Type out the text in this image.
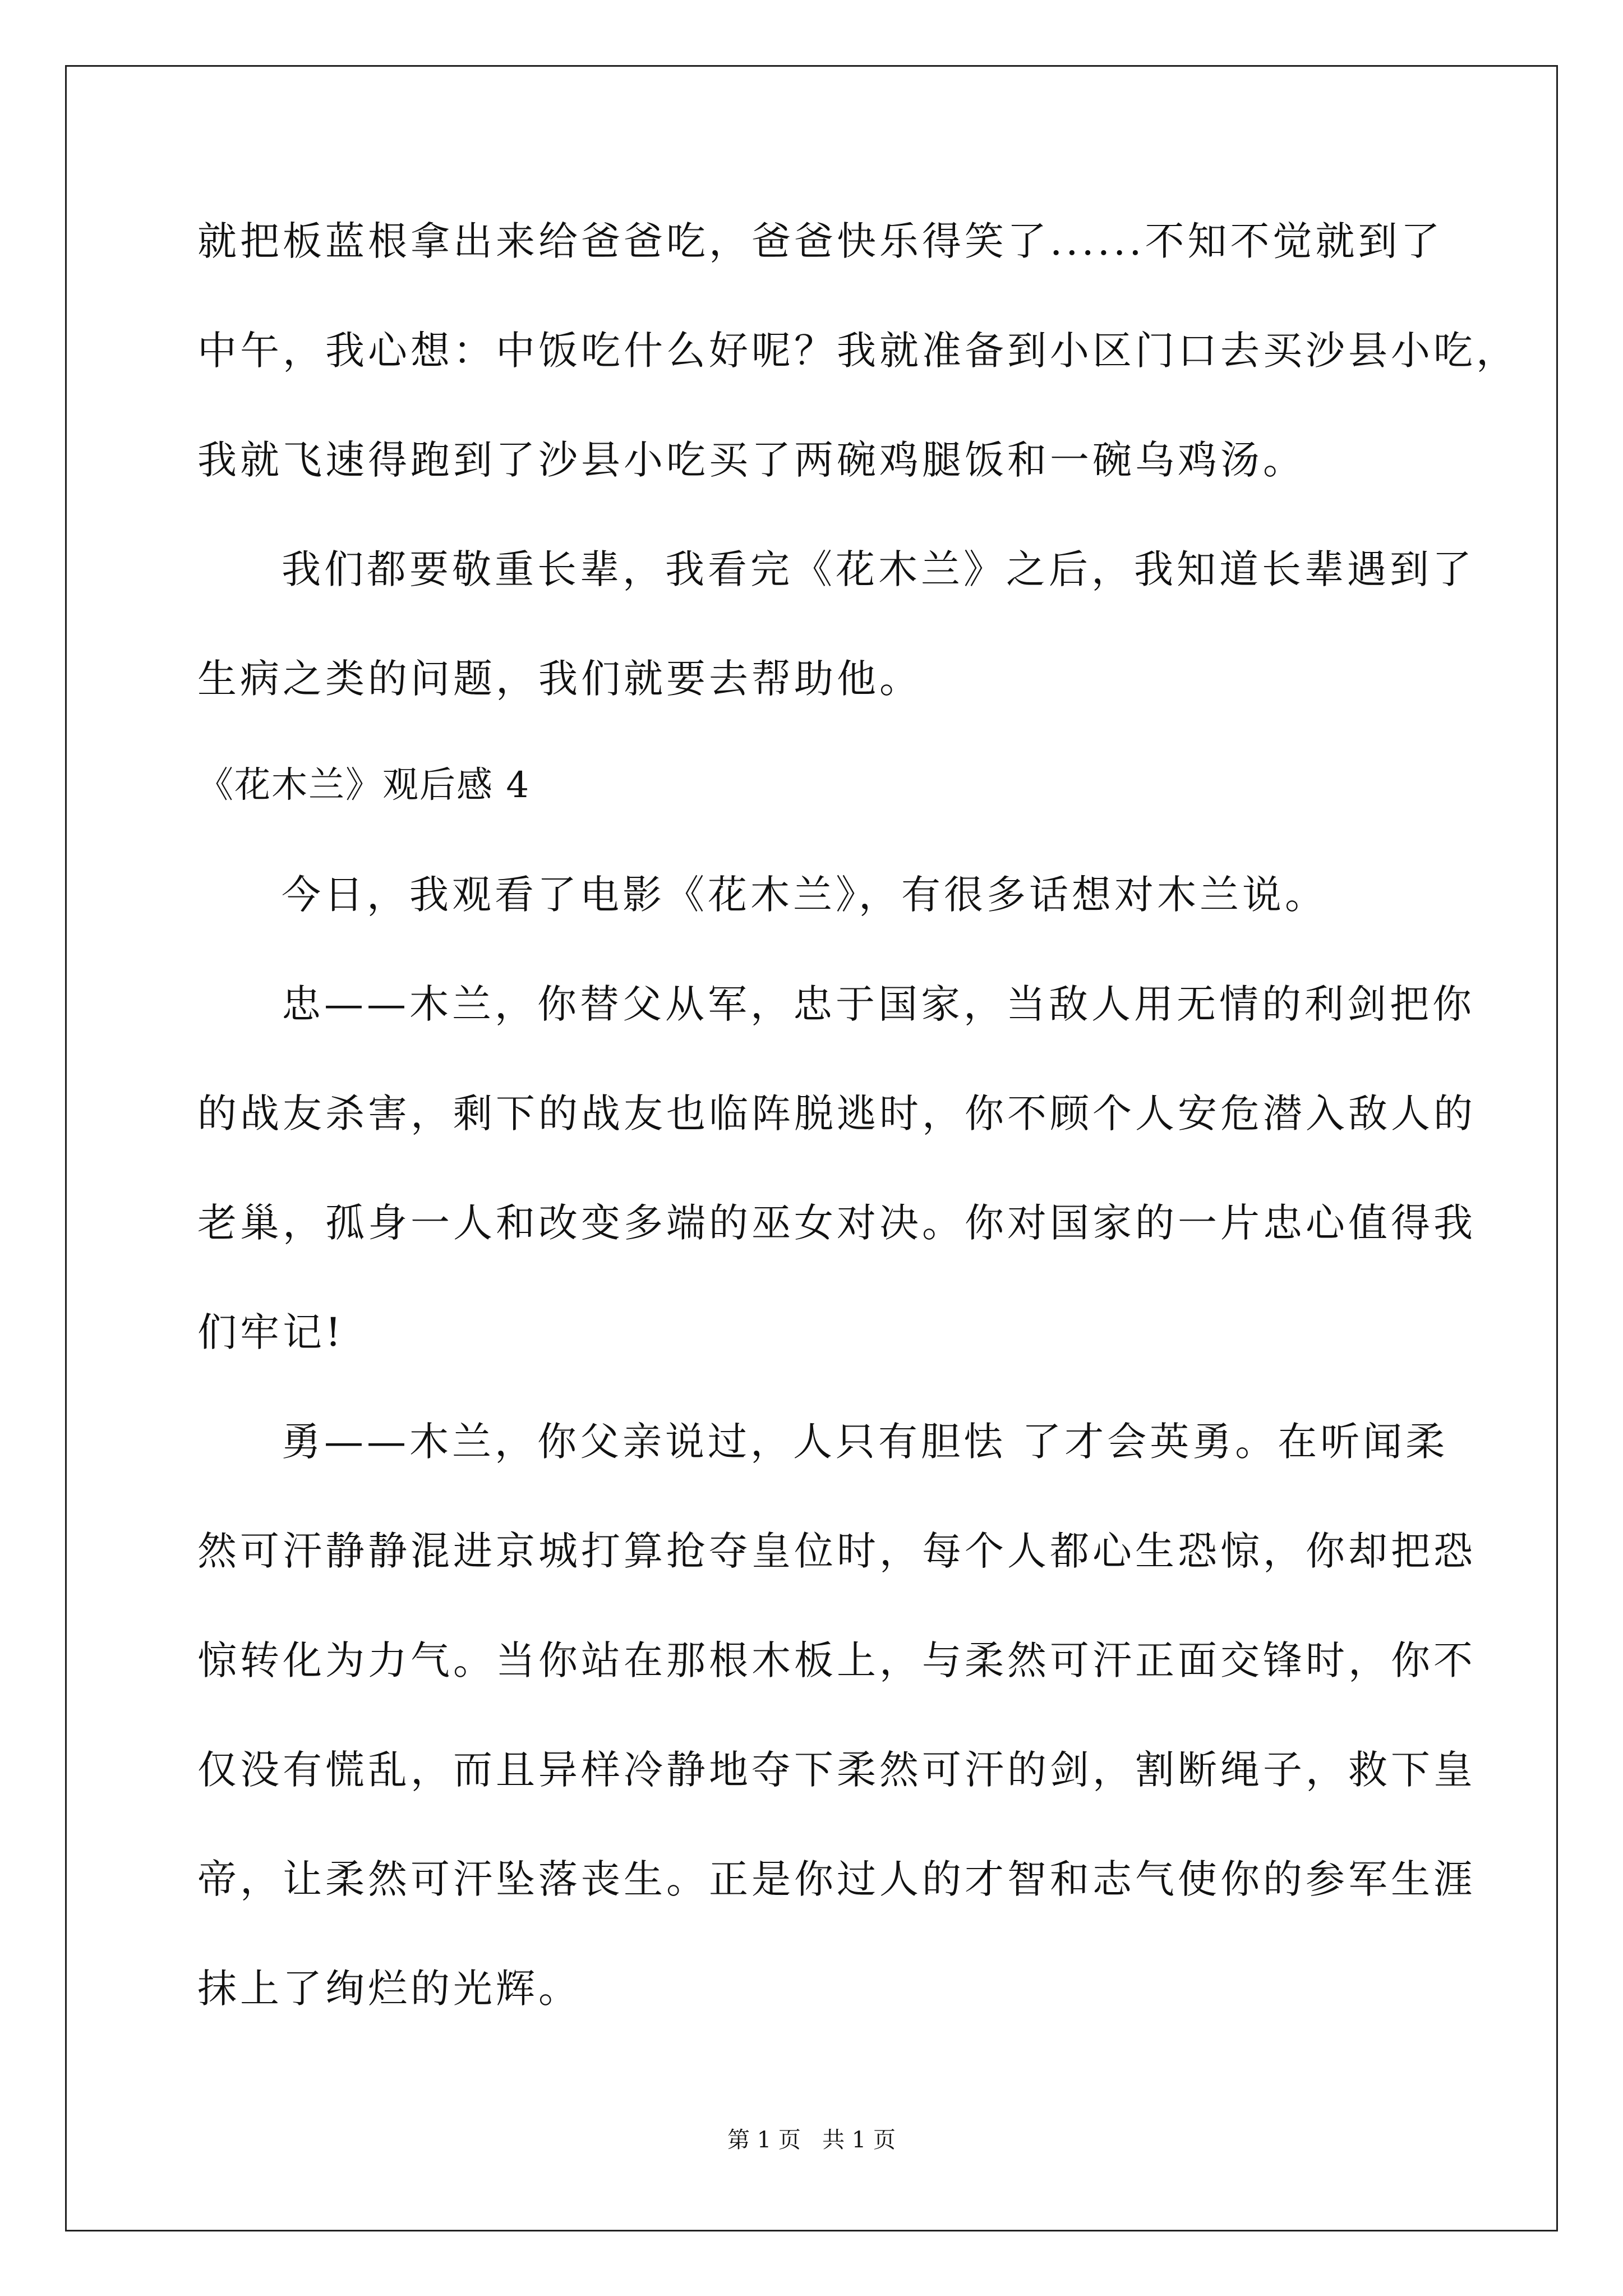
就把板蓝根拿出来给爸爸吃，爸爸快乐得笑了......不知不觉就到了
中午，我心想：中饭吃什么好呢？我就准备到小区门口去买沙县小吃，
我就飞速得跑到了沙县小吃买了两碗鸡腿饭和一碗乌鸡汤。
我们都要敬重长辈，我看完《花木兰》之后，我知道长辈遇到了
生病之类的问题，我们就要去帮助他。
《花木兰》观后感 4
今日，我观看了电影《花木兰》，有很多话想对木兰说。
忠——木兰，你替父从军，忠于国家，当敌人用无情的利剑把你
的战友杀害，剩下的战友也临阵脱逃时，你不顾个人安危潜入敌人的
老巢，孤身一人和改变多端的巫女对决。你对国家的一片忠心值得我
们牢记!
勇——木兰，你父亲说过，人只有胆怯 了才会英勇。在听闻柔
然可汗静静混进京城打算抢夺皇位时，每个人都心生恐惊，你却把恐
惊转化为力气。当你站在那根木板上，与柔然可汗正面交锋时，你不
仅没有慌乱，而且异样冷静地夺下柔然可汗的剑，割断绳子，救下皇
帝，让柔然可汗坠落丧生。正是你过人的才智和志气使你的参军生涯
抹上了绚烂的光辉。
第 1 页   共 1 页
